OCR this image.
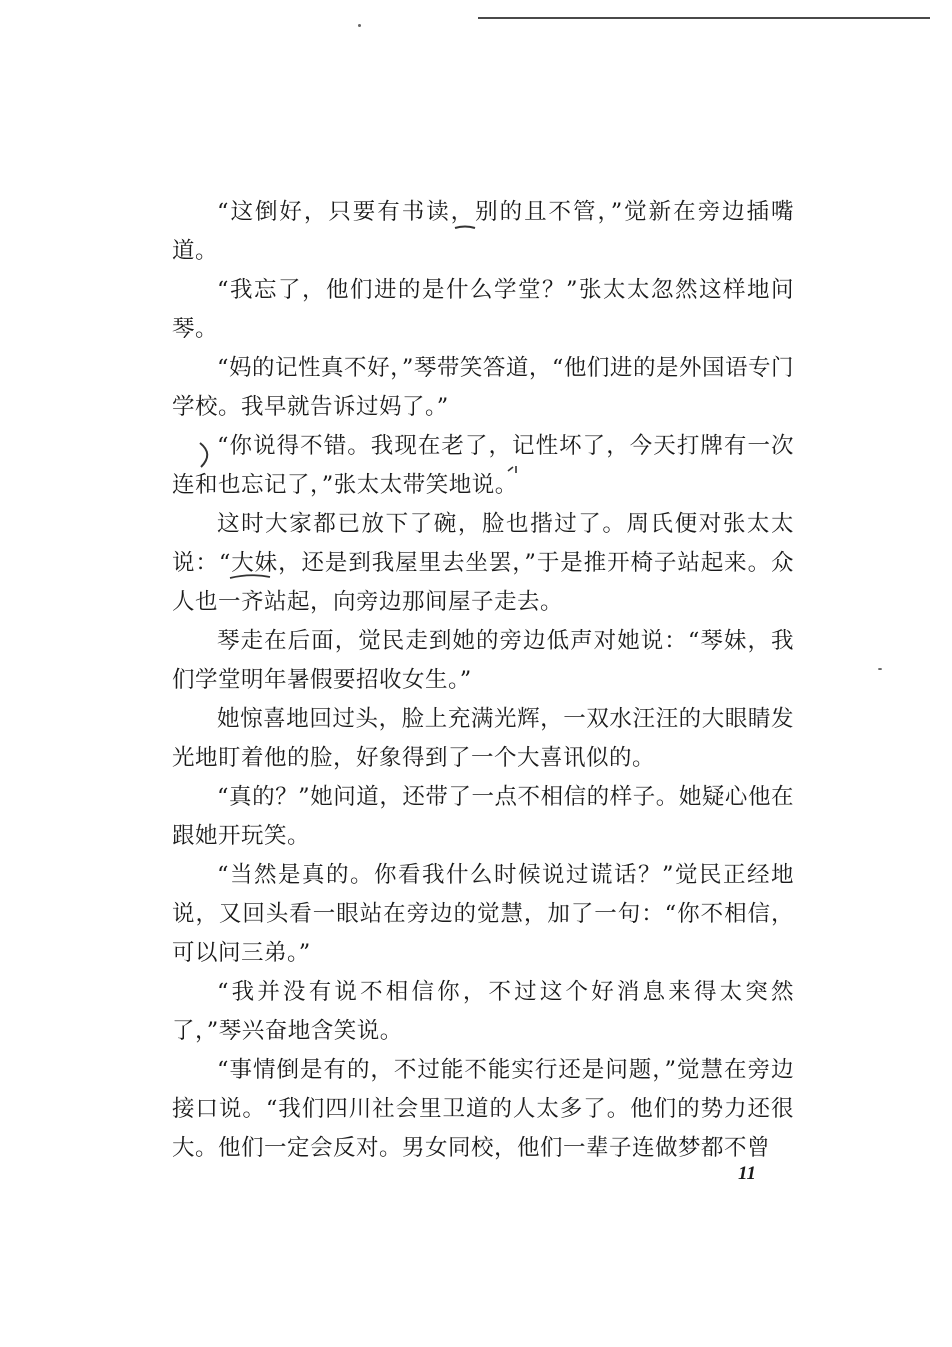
“这倒好，只要有书读，别的且不管，”觉新在旁边插嘴道。

“我忘了，他们进的是什么学堂？”张太太忽然这样地问琴。

“妈的记性真不好，”琴带笑答道，“他们进的是外国语专门学校。我早就告诉过妈了。”

“你说得不错。我现在老了，记性坏了，今天打牌有一次连和也忘记了，”张太太带笑地说。

这时大家都已放下了碗，脸也揩过了。周氏便对张太太说：“大妹，还是到我屋里去坐罢，”于是推开椅子站起来。众人也一齐站起，向旁边那间屋子走去。

琴走在后面，觉民走到她的旁边低声对她说：“琴妹，我们学堂明年暑假要招收女生。”

她惊喜地回过头，脸上充满光辉，一双水汪汪的大眼睛发光地盯着他的脸，好象得到了一个大喜讯似的。

“真的？”她问道，还带了一点不相信的样子。她疑心他在跟她开玩笑。

“当然是真的。你看我什么时候说过谎话？”觉民正经地说，又回头看一眼站在旁边的觉慧，加了一句：“你不相信，可以问三弟。”

“我并没有说不相信你，不过这个好消息来得太突然了，”琴兴奋地含笑说。

“事情倒是有的，不过能不能实行还是问题，”觉慧在旁边接口说。“我们四川社会里卫道的人太多了。他们的势力还很大。他们一定会反对。男女同校，他们一辈子连做梦都不曾

11
